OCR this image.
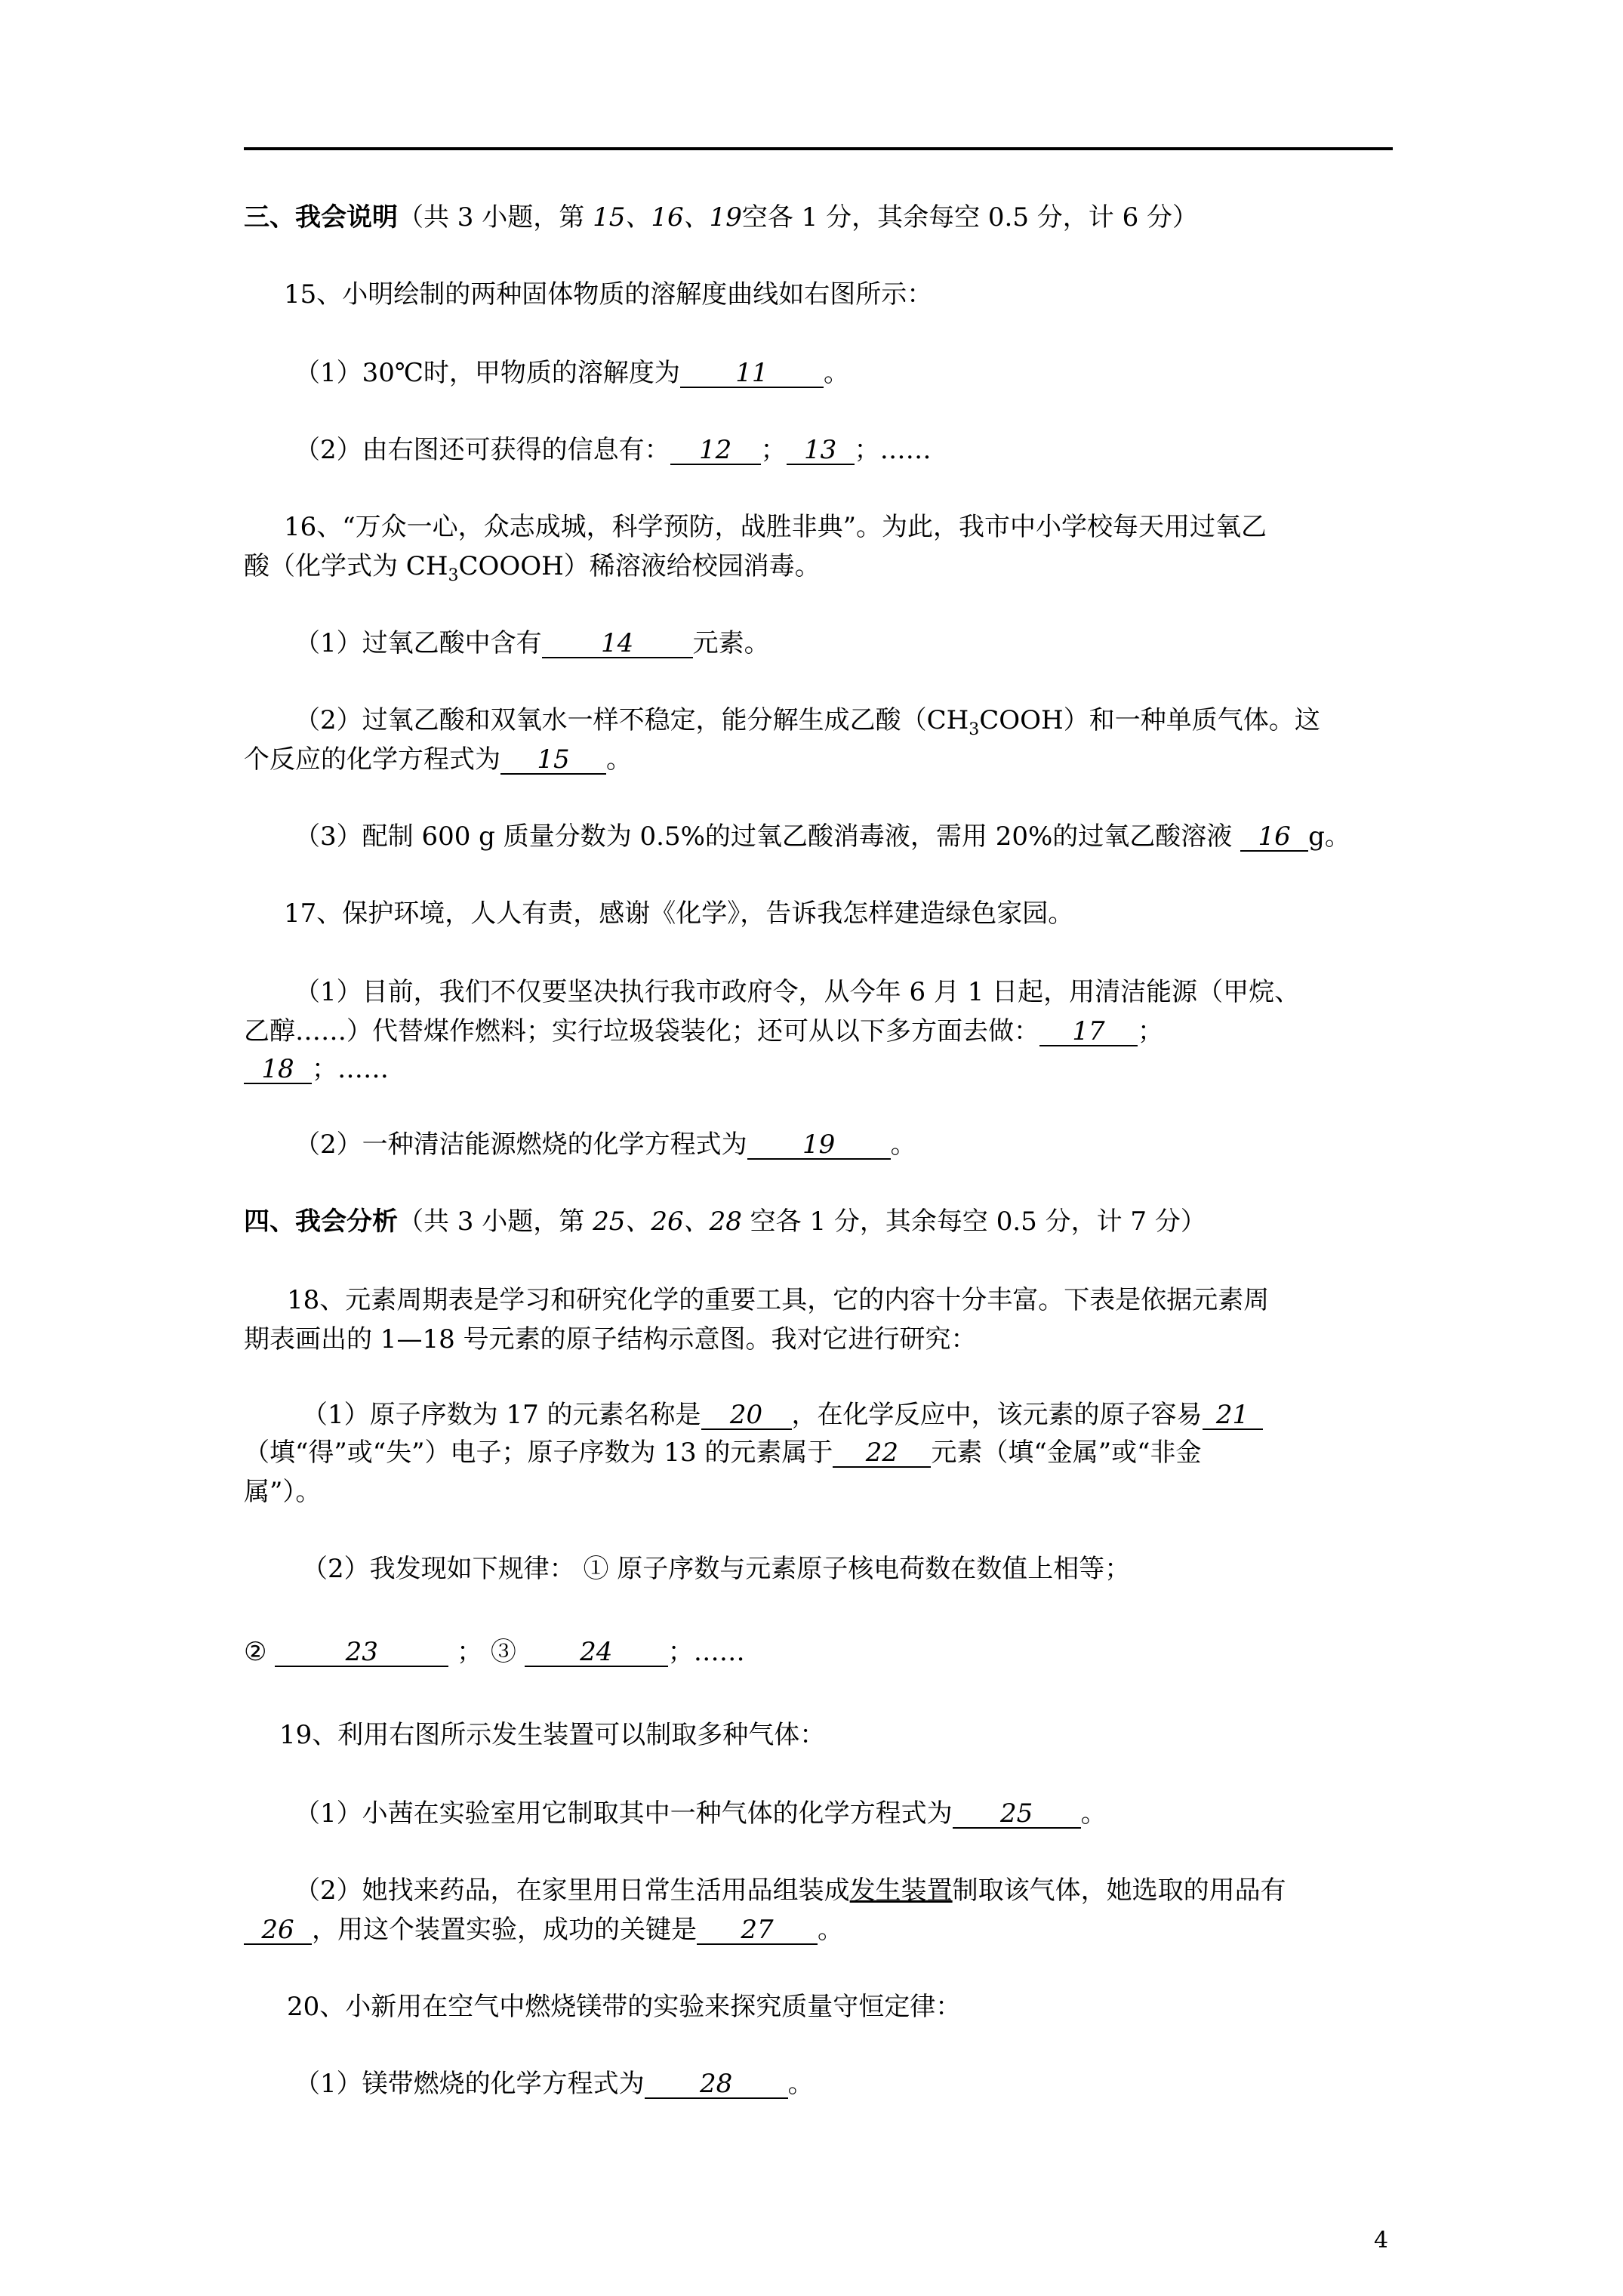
三、我会说明（共 3 小题，第 15、16、19空各 1 分，其余每空 0.5 分，计 6 分）
15、小明绘制的两种固体物质的溶解度曲线如右图所示：
（1）30℃时，甲物质的溶解度为 11 。
（2）由右图还可获得的信息有： 12 ； 13 ；……
16、“万众一心，众志成城，科学预防，战胜非典”。为此，我市中小学校每天用过氧乙
酸（化学式为 $CH_3COOOH$）稀溶液给校园消毒。
（1）过氧乙酸中含有 14 元素。
（2）过氧乙酸和双氧水一样不稳定，能分解生成乙酸$(CH_3COOH)$和一种单质气体。这
个反应的化学方程式为 15 。
（3）配制 600 g 质量分数为 0.5%的过氧乙酸消毒液，需用 20%的过氧乙酸溶液 16 g。
17、保护环境，人人有责，感谢《化学》，告诉我怎样建造绿色家园。
（1）目前，我们不仅要坚决执行我市政府令，从今年 6 月 1 日起，用清洁能源（甲烷、
乙醇……）代替煤作燃料；实行垃圾袋装化；还可从以下多方面去做： 17 ；
18 ；……
（2）一种清洁能源燃烧的化学方程式为 19 。
四、我会分析（共 3 小题，第 25、26、28 空各 1 分，其余每空 0.5 分，计 7 分）
18、元素周期表是学习和研究化学的重要工具，它的内容十分丰富。下表是依据元素周
期表画出的 1—18 号元素的原子结构示意图。我对它进行研究：
（1）原子序数为 17 的元素名称是 20 ，在化学反应中，该元素的原子容易 21
（填“得”或“失”）电子；原子序数为 13 的元素属于 22 元素（填“金属”或“非金
属”）。
（2）我发现如下规律： ① 原子序数与元素原子核电荷数在数值上相等；
②	23	； ③ 24 ；……
19、利用右图所示发生装置可以制取多种气体：
（1）小茜在实验室用它制取其中一种气体的化学方程式为 25 。
（2）她找来药品，在家里用日常生活用品组装成发生装置制取该气体，她选取的用品有
26 ，用这个装置实验，成功的关键是 27 。
20、小新用在空气中燃烧镁带的实验来探究质量守恒定律：
（1）镁带燃烧的化学方程式为 28 。
4
